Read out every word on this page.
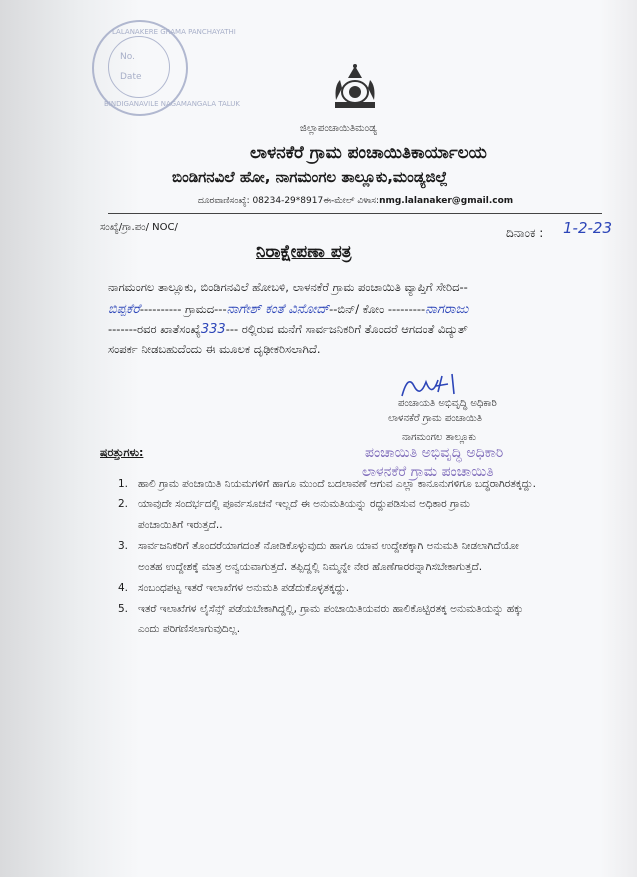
LALANAKERE GRAMA PANCHAYATHI
BINDIGANAVILE NAGAMANGALA TALUK
No.
Date
ಜಿಲ್ಲಾಪಂಚಾಯಿತಿಮಂಡ್ಯ
ಲಾಳನಕೆರೆ ಗ್ರಾಮ ಪಂಚಾಯಿತಿಕಾರ್ಯಾಲಯ
ಬಿಂಡಿಗನವಿಲೆ ಹೋ, ನಾಗಮಂಗಲ ತಾಲ್ಲೂಕು,ಮಂಡ್ಯಜಿಲ್ಲೆ
ದೂರವಾಣಿಸಂಖ್ಯೆ: 08234-29*8917ಈ-ಮೇಲ್ ವಿಳಾಸ:nmg.lalanaker@gmail.com
ಸಂಖ್ಯೆ/ಗ್ರಾ.ಪಂ/ NOC/	ದಿನಾಂಕ : 1-2-23
ನಿರಾಕ್ಷೇಪಣಾ ಪತ್ರ
ನಾಗಮಂಗಲ ತಾಲ್ಲೂಕು, ಬಿಂಡಿಗನವಿಲೆ ಹೋಬಳಿ, ಲಾಳನಕೆರೆ ಗ್ರಾಮ ಪಂಚಾಯಿತಿ ವ್ಯಾಪ್ತಿಗೆ ಸೇರಿದ--
ಬಿಪ್ಪಕೆರೆ---------- ಗ್ರಾಮದ---ನಾಗೇಶ್ ಕಂತೆ ವಿನೋದ್--ಬಿನ್/ ಕೋಂ ---------ನಾಗರಾಜು
-------ರವರ ಖಾತೆಸಂಖ್ಯೆ333--- ರಲ್ಲಿರುವ ಮನೆಗೆ ಸಾರ್ವಜನಿಕರಿಗೆ ತೊಂದರೆ ಆಗದಂತೆ ವಿದ್ಯುತ್
ಸಂಪರ್ಕ ನೀಡಬಹುದೆಂದು ಈ ಮೂಲಕ ದೃಢೀಕರಿಸಲಾಗಿದೆ.
ಪಂಚಾಯತಿ ಅಭಿವೃದ್ಧಿ ಅಧಿಕಾರಿ
ಲಾಳನಕೆರೆ ಗ್ರಾಮ ಪಂಚಾಯಿತಿ
ನಾಗಮಂಗಲ ತಾಲ್ಲೂಕು
ಪಂಚಾಯಿತಿ ಅಭಿವೃದ್ಧಿ ಅಧಿಕಾರಿ
ಲಾಳನಕೆರೆ ಗ್ರಾಮ ಪಂಚಾಯಿತಿ
ಷರತ್ತುಗಳು:
1. ಹಾಲಿ ಗ್ರಾಮ ಪಂಚಾಯಿತಿ ನಿಯಮಗಳಿಗೆ ಹಾಗೂ ಮುಂದೆ ಬದಲಾವಣೆ ಆಗುವ ಎಲ್ಲಾ ಕಾನೂನುಗಳಿಗೂ ಬದ್ಧರಾಗಿರತಕ್ಕದ್ದು.
2. ಯಾವುದೇ ಸಂದರ್ಭದಲ್ಲಿ ಪೂರ್ವಸೂಚನೆ ಇಲ್ಲದೆ ಈ ಅನುಮತಿಯನ್ನು ರದ್ದುಪಡಿಸುವ ಅಧಿಕಾರ ಗ್ರಾಮ
ಪಂಚಾಯಿತಿಗೆ ಇರುತ್ತದೆ..
3. ಸಾರ್ವಜನಿಕರಿಗೆ ತೊಂದರೆಯಾಗದಂತೆ ನೋಡಿಕೊಳ್ಳುವುದು ಹಾಗೂ ಯಾವ ಉದ್ದೇಶಕ್ಕಾಗಿ ಅನುಮತಿ ನೀಡಲಾಗಿದೆಯೋ
ಅಂತಹ ಉದ್ದೇಶಕ್ಕೆ ಮಾತ್ರ ಅನ್ವಯವಾಗುತ್ತದೆ. ತಪ್ಪಿದ್ದಲ್ಲಿ ನಿಮ್ಮನ್ನೇ ನೇರ ಹೊಣೆಗಾರರನ್ನಾಗಿಸಬೇಕಾಗುತ್ತದೆ.
4. ಸಂಬಂಧಪಟ್ಟ ಇತರೆ ಇಲಾಖೆಗಳ ಅನುಮತಿ ಪಡೆದುಕೊಳ್ಳತಕ್ಕದ್ದು.
5. ಇತರೆ ಇಲಾಖೆಗಳ ಲೈಸೆನ್ಸ್ ಪಡೆಯಬೇಕಾಗಿದ್ದಲ್ಲಿ, ಗ್ರಾಮ ಪಂಚಾಯಿತಿಯವರು ಹಾಲಿಕೊಟ್ಟಿರತಕ್ಕ ಅನುಮತಿಯನ್ನು ಹಕ್ಕು
ಎಂದು ಪರಿಗಣಿಸಲಾಗುವುದಿಲ್ಲ.
